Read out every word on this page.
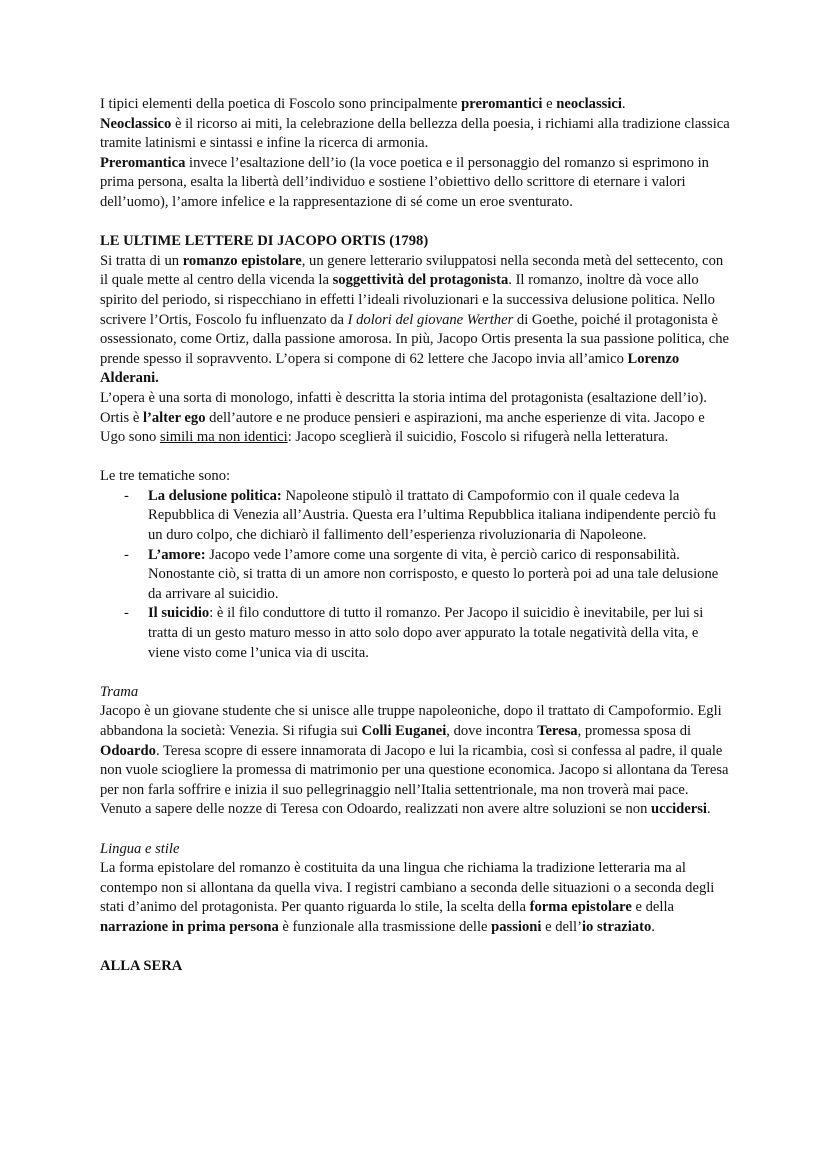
I tipici elementi della poetica di Foscolo sono principalmente preromantici e neoclassici.

Neoclassico è il ricorso ai miti, la celebrazione della bellezza della poesia, i richiami alla tradizione classica tramite latinismi e sintassi e infine la ricerca di armonia.

Preromantica invece l’esaltazione dell’io (la voce poetica e il personaggio del romanzo si esprimono in prima persona, esalta la libertà dell’individuo e sostiene l’obiettivo dello scrittore di eternare i valori dell’uomo), l’amore infelice e la rappresentazione di sé come un eroe sventurato.

LE ULTIME LETTERE DI JACOPO ORTIS (1798)

Si tratta di un romanzo epistolare, un genere letterario sviluppatosi nella seconda metà del settecento, con il quale mette al centro della vicenda la soggettività del protagonista. Il romanzo, inoltre dà voce allo spirito del periodo, si rispecchiano in effetti l’ideali rivoluzionari e la successiva delusione politica. Nello scrivere l’Ortis, Foscolo fu influenzato da I dolori del giovane Werther di Goethe, poiché il protagonista è ossessionato, come Ortiz, dalla passione amorosa. In più, Jacopo Ortis presenta la sua passione politica, che prende spesso il sopravvento. L’opera si compone di 62 lettere che Jacopo invia all’amico Lorenzo Alderani.

L’opera è una sorta di monologo, infatti è descritta la storia intima del protagonista (esaltazione dell’io). Ortis è l’alter ego dell’autore e ne produce pensieri e aspirazioni, ma anche esperienze di vita. Jacopo e Ugo sono simili ma non identici: Jacopo sceglierà il suicidio, Foscolo si rifugerà nella letteratura.

Le tre tematiche sono:

- La delusione politica: Napoleone stipulò il trattato di Campoformio con il quale cedeva la Repubblica di Venezia all’Austria. Questa era l’ultima Repubblica italiana indipendente perciò fu un duro colpo, che dichiarò il fallimento dell’esperienza rivoluzionaria di Napoleone.
- L’amore: Jacopo vede l’amore come una sorgente di vita, è perciò carico di responsabilità. Nonostante ciò, si tratta di un amore non corrisposto, e questo lo porterà poi ad una tale delusione da arrivare al suicidio.
- Il suicidio: è il filo conduttore di tutto il romanzo. Per Jacopo il suicidio è inevitabile, per lui si tratta di un gesto maturo messo in atto solo dopo aver appurato la totale negatività della vita, e viene visto come l’unica via di uscita.

Trama

Jacopo è un giovane studente che si unisce alle truppe napoleoniche, dopo il trattato di Campoformio. Egli abbandona la società: Venezia. Si rifugia sui Colli Euganei, dove incontra Teresa, promessa sposa di Odoardo. Teresa scopre di essere innamorata di Jacopo e lui la ricambia, così si confessa al padre, il quale non vuole sciogliere la promessa di matrimonio per una questione economica. Jacopo si allontana da Teresa per non farla soffrire e inizia il suo pellegrinaggio nell’Italia settentrionale, ma non troverà mai pace. Venuto a sapere delle nozze di Teresa con Odoardo, realizzati non avere altre soluzioni se non uccidersi.

Lingua e stile

La forma epistolare del romanzo è costituita da una lingua che richiama la tradizione letteraria ma al contempo non si allontana da quella viva. I registri cambiano a seconda delle situazioni o a seconda degli stati d’animo del protagonista. Per quanto riguarda lo stile, la scelta della forma epistolare e della narrazione in prima persona è funzionale alla trasmissione delle passioni e dell’io straziato.

ALLA SERA
